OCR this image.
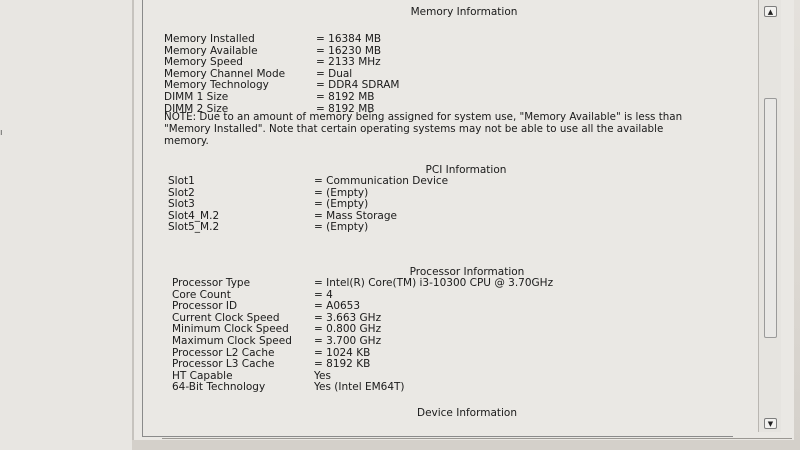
ı
Memory Information
Memory Installed	= 16384 MB
Memory Available	= 16230 MB
Memory Speed	= 2133 MHz
Memory Channel Mode	= Dual
Memory Technology	= DDR4 SDRAM
DIMM 1 Size	= 8192 MB
DIMM 2 Size	= 8192 MB
NOTE: Due to an amount of memory being assigned for system use, "Memory Available" is less than "Memory Installed". Note that certain operating systems may not be able to use all the available memory.
PCI Information
Slot1	= Communication Device
Slot2	= (Empty)
Slot3	= (Empty)
Slot4_M.2	= Mass Storage
Slot5_M.2	= (Empty)
Processor Information
Processor Type	= Intel(R) Core(TM) i3-10300 CPU @ 3.70GHz
Core Count	= 4
Processor ID	= A0653
Current Clock Speed	= 3.663 GHz
Minimum Clock Speed	= 0.800 GHz
Maximum Clock Speed	= 3.700 GHz
Processor L2 Cache	= 1024 KB
Processor L3 Cache	= 8192 KB
HT Capable	Yes
64-Bit Technology	Yes (Intel EM64T)
Device Information
▲
▼
